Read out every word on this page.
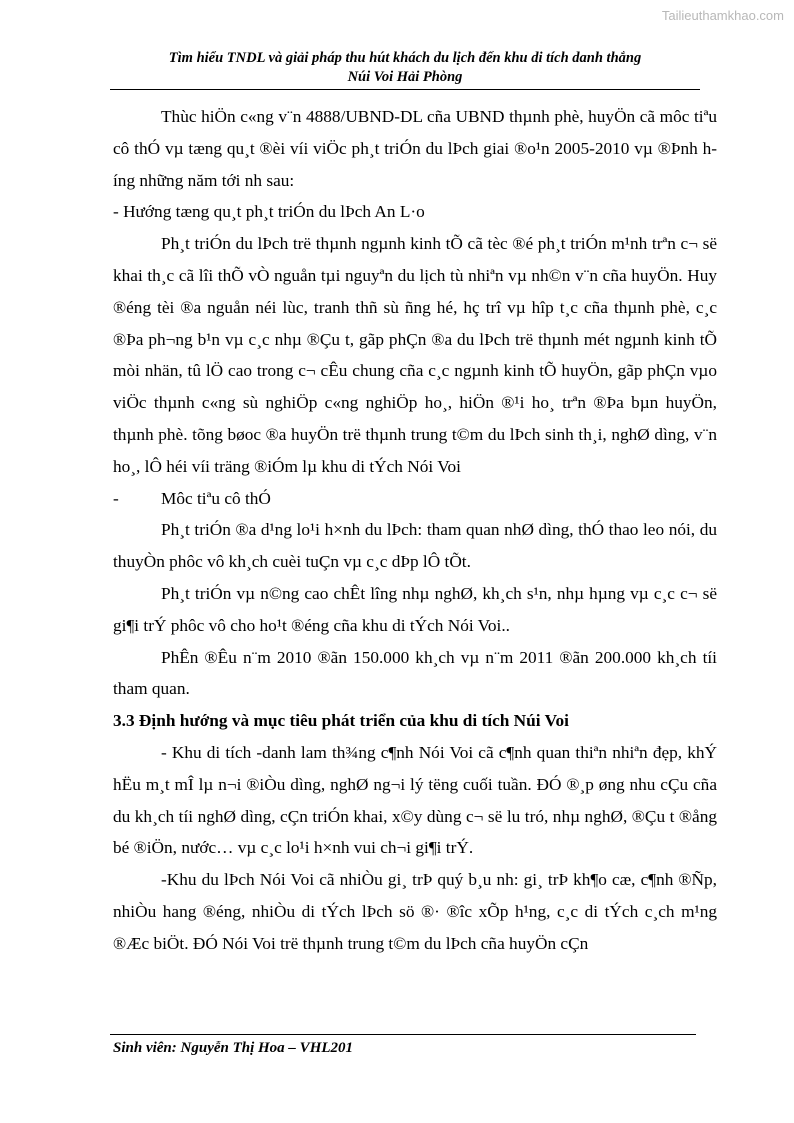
Tailieuthamkhao.com
Tìm hiểu TNDL và giải pháp thu hút khách du lịch đến khu di tích danh thắng
Núi Voi Hải Phòng

Thùc hiÖn c«ng v¨n 4888/UBND-DL cña UBND thµnh phè, huyÖn cã môc tiªu cô thÓ vµ tæng qu¸t ®èi víi viÖc ph¸t triÓn du lÞch giai ®o¹n 2005-2010 vµ ®Þnh híng những năm tới nh sau:

- Hướng tæng qu¸t ph¸t triÓn du lÞch An L·o

Ph¸t triÓn du lÞch trë thµnh ngµnh kinh tÕ cã tèc ®é ph¸t triÓn m¹nh trªn c¬ së khai th¸c cã lîi thÕ vÒ nguån tµi nguyªn du lịch tù nhiªn vµ nh©n v¨n cña huyÖn. Huy ®éng tèi ®a nguån néi lùc, tranh thñ sù ñng hé, hç trî vµ hîp t¸c cña thµnh phè, c¸c ®Þa ph¬ng b¹n vµ c¸c nhµ ®Çu t, gãp phÇn ®a du lÞch trë thµnh mét ngµnh kinh tÕ mòi nhän, tû lÖ cao trong c¬ cÊu chung cña c¸c ngµnh kinh tÕ huyÖn, gãp phÇn vµo viÖc thµnh c«ng sù nghiÖp c«ng nghiÖp ho¸, hiÖn ®¹i ho¸ trªn ®Þa bµn huyÖn, thµnh phè. tõng bøoc ®a huyÖn trë thµnh trung t©m du lÞch sinh th¸i, nghØ dìng, v¨n ho¸, lÔ héi víi träng ®iÓm lµ khu di tÝch Nói Voi

- Môc tiªu cô thÓ

Ph¸t triÓn ®a d¹ng lo¹i h×nh du lÞch: tham quan nhØ dìng, thÓ thao leo nói, du thuyÒn phôc vô kh¸ch cuèi tuÇn vµ c¸c dÞp lÔ tÕt.

Ph¸t triÓn vµ n©ng cao chÊt lîng nhµ nghØ, kh¸ch s¹n, nhµ hµng vµ c¸c c¬ së gi¶i trÝ phôc vô cho ho¹t ®éng cña khu di tÝch Nói Voi..

PhÊn ®Êu n¨m 2010 ®ãn 150.000 kh¸ch vµ n¨m 2011 ®ãn 200.000 kh¸ch tíi tham quan.

3.3 Định hướng và mục tiêu phát triển của khu di tích Núi Voi

- Khu di tích -danh lam th¾ng c¶nh Nói Voi cã c¶nh quan thiªn nhiªn đẹp, khÝ hËu m¸t mÎ lµ n¬i ®iÒu dìng, nghØ ng¬i lý tëng cuối tuần. ĐÓ ®¸p øng nhu cÇu cña du kh¸ch tíi nghØ dìng, cÇn triÓn khai, x©y dùng c¬ së lu tró, nhµ nghØ, ®Çu t ®ång bé ®iÖn, nước… vµ c¸c lo¹i h×nh vui ch¬i gi¶i trÝ.

-Khu du lÞch Nói Voi cã nhiÒu gi¸ trÞ quý b¸u nh: gi¸ trÞ kh¶o cæ, c¶nh ®Ñp, nhiÒu hang ®éng, nhiÒu di tÝch lÞch sö ®· ®îc xÕp h¹ng, c¸c di tÝch c¸ch m¹ng ®Æc biÖt. ĐÓ Nói Voi trë thµnh trung t©m du lÞch cña huyÖn cÇn

Sinh viên: Nguyễn Thị Hoa – VHL201
